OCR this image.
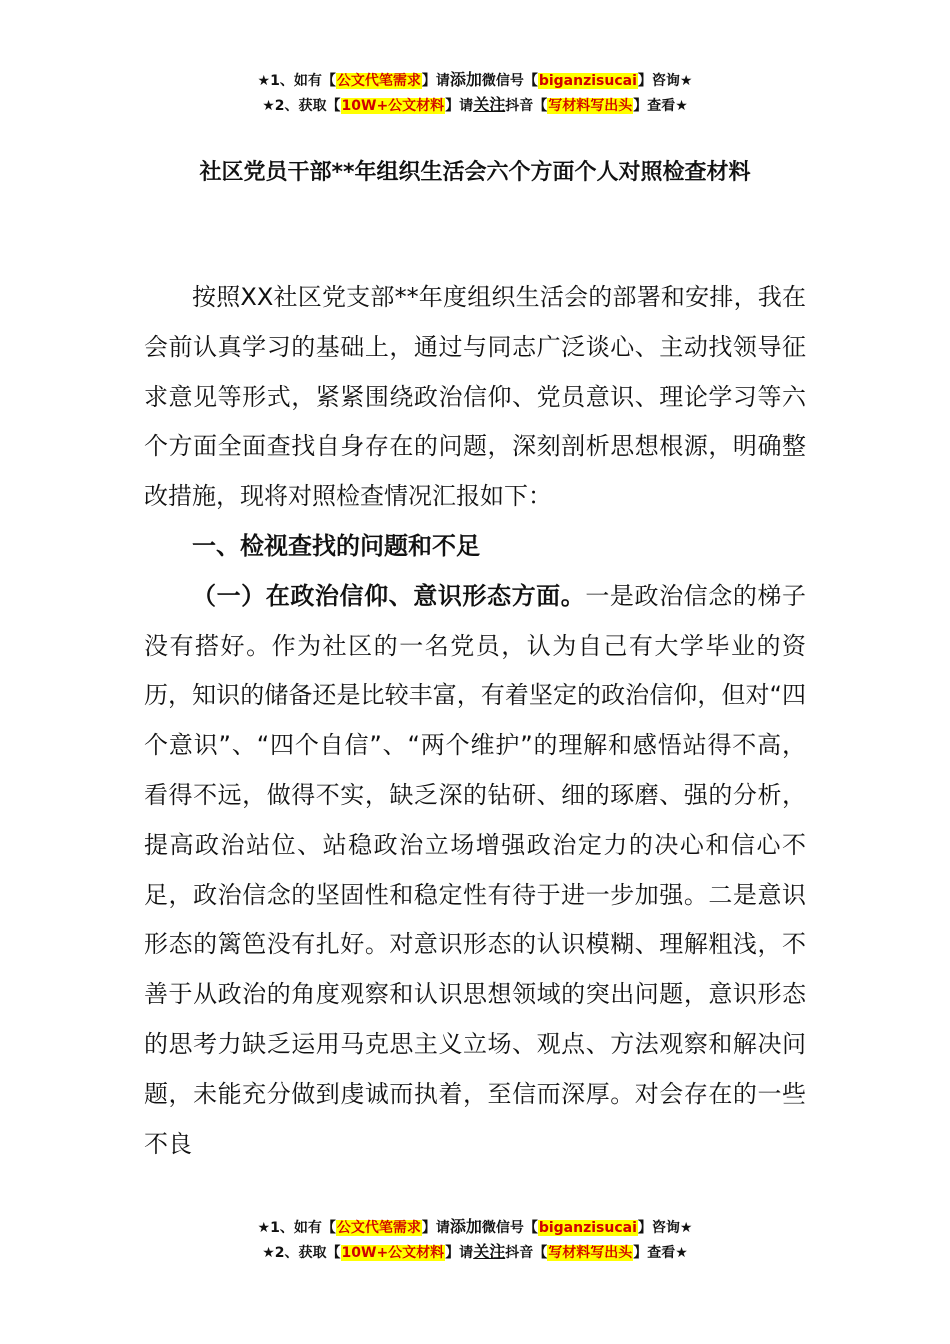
★1、如有【公文代笔需求】请添加微信号【biganzisucai】咨询★
★2、获取【10W+公文材料】请关注抖音【写材料写出头】查看★
社区党员干部**年组织生活会六个方面个人对照检查材料

按照XX社区党支部**年度组织生活会的部署和安排，我在会前认真学习的基础上，通过与同志广泛谈心、主动找领导征求意见等形式，紧紧围绕政治信仰、党员意识、理论学习等六个方面全面查找自身存在的问题，深刻剖析思想根源，明确整改措施，现将对照检查情况汇报如下：

一、检视查找的问题和不足

（一）在政治信仰、意识形态方面。一是政治信念的梯子没有搭好。作为社区的一名党员，认为自己有大学毕业的资历，知识的储备还是比较丰富，有着坚定的政治信仰，但对“四个意识”、“四个自信”、“两个维护”的理解和感悟站得不高，看得不远，做得不实，缺乏深的钻研、细的琢磨、强的分析，提高政治站位、站稳政治立场增强政治定力的决心和信心不足，政治信念的坚固性和稳定性有待于进一步加强。二是意识形态的篱笆没有扎好。对意识形态的认识模糊、理解粗浅，不善于从政治的角度观察和认识思想领域的突出问题，意识形态的思考力缺乏运用马克思主义立场、观点、方法观察和解决问题，未能充分做到虔诚而执着，至信而深厚。对会存在的一些不良

★1、如有【公文代笔需求】请添加微信号【biganzisucai】咨询★
★2、获取【10W+公文材料】请关注抖音【写材料写出头】查看★
